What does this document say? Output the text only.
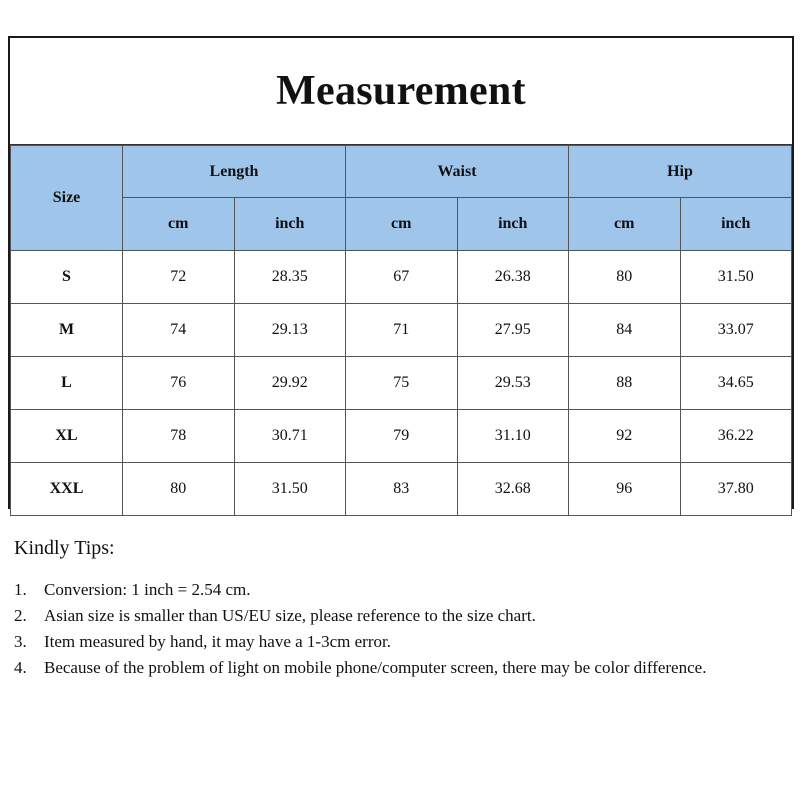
Measurement
Size	Length		Waist		Hip	
	cm	inch	cm	inch	cm	inch
S	72	28.35	67	26.38	80	31.50
M	74	29.13	71	27.95	84	33.07
L	76	29.92	75	29.53	88	34.65
XL	78	30.71	79	31.10	92	36.22
XXL	80	31.50	83	32.68	96	37.80
Kindly Tips:
1.	Conversion: 1 inch = 2.54 cm.
2.	Asian size is smaller than US/EU size, please reference to the size chart.
3.	Item measured by hand, it may have a 1-3cm error.
4.	Because of the problem of light on mobile phone/computer screen, there may be color difference.
